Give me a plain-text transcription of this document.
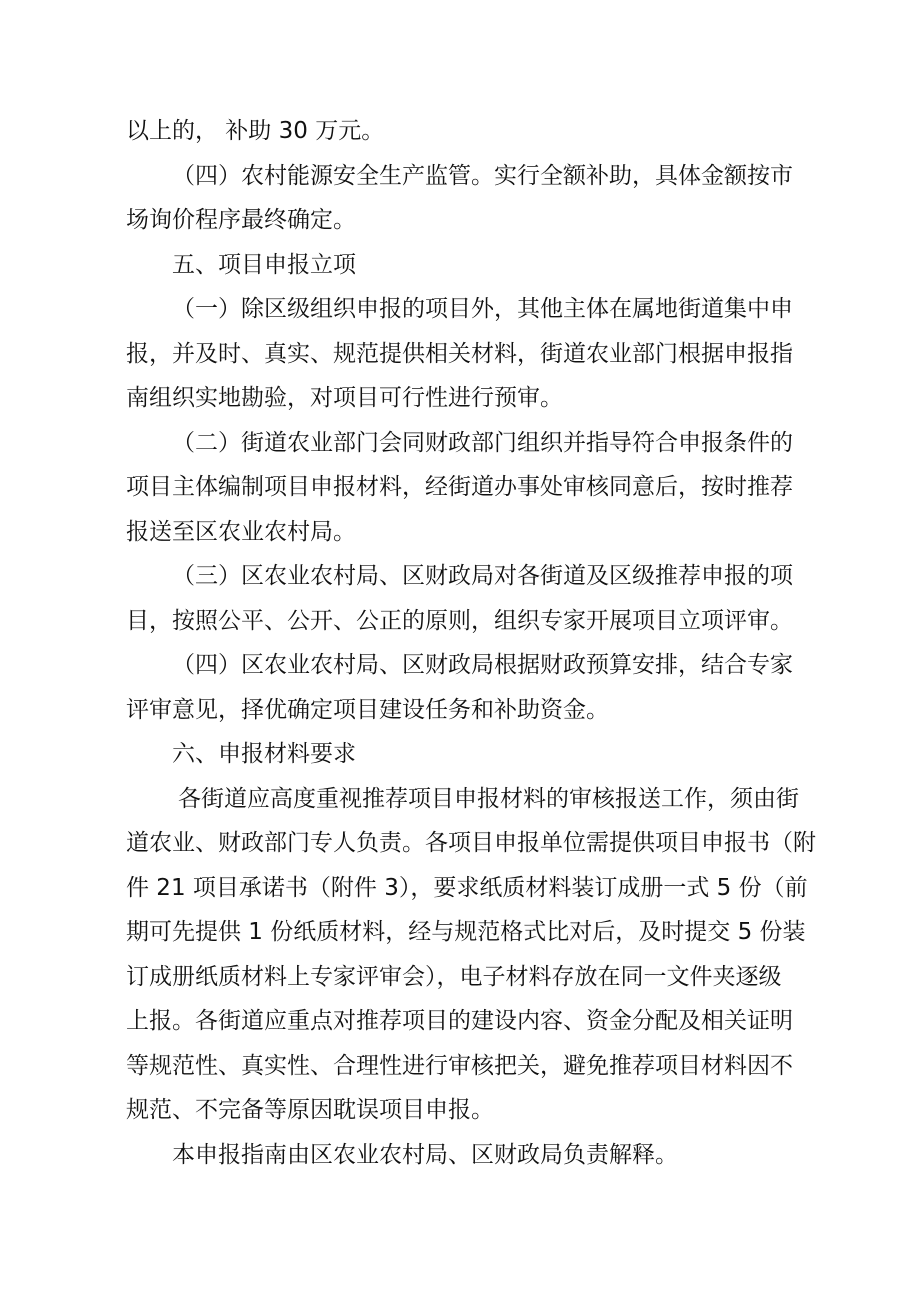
以上的， 补助 30 万元。
（四）农村能源安全生产监管。实行全额补助，具体金额按市
场询价程序最终确定。
五、项目申报立项
（一）除区级组织申报的项目外，其他主体在属地街道集中申
报，并及时、真实、规范提供相关材料，街道农业部门根据申报指
南组织实地勘验，对项目可行性进行预审。
（二）街道农业部门会同财政部门组织并指导符合申报条件的
项目主体编制项目申报材料，经街道办事处审核同意后，按时推荐
报送至区农业农村局。
（三）区农业农村局、区财政局对各街道及区级推荐申报的项
目，按照公平、公开、公正的原则，组织专家开展项目立项评审。
（四）区农业农村局、区财政局根据财政预算安排，结合专家
评审意见，择优确定项目建设任务和补助资金。
六、申报材料要求
各街道应高度重视推荐项目申报材料的审核报送工作，须由街
道农业、财政部门专人负责。各项目申报单位需提供项目申报书（附
件 21 项目承诺书（附件 3），要求纸质材料装订成册一式 5 份（前
期可先提供 1 份纸质材料，经与规范格式比对后，及时提交 5 份装
订成册纸质材料上专家评审会），电子材料存放在同一文件夹逐级
上报。各街道应重点对推荐项目的建设内容、资金分配及相关证明
等规范性、真实性、合理性进行审核把关，避免推荐项目材料因不
规范、不完备等原因耽误项目申报。
本申报指南由区农业农村局、区财政局负责解释。
